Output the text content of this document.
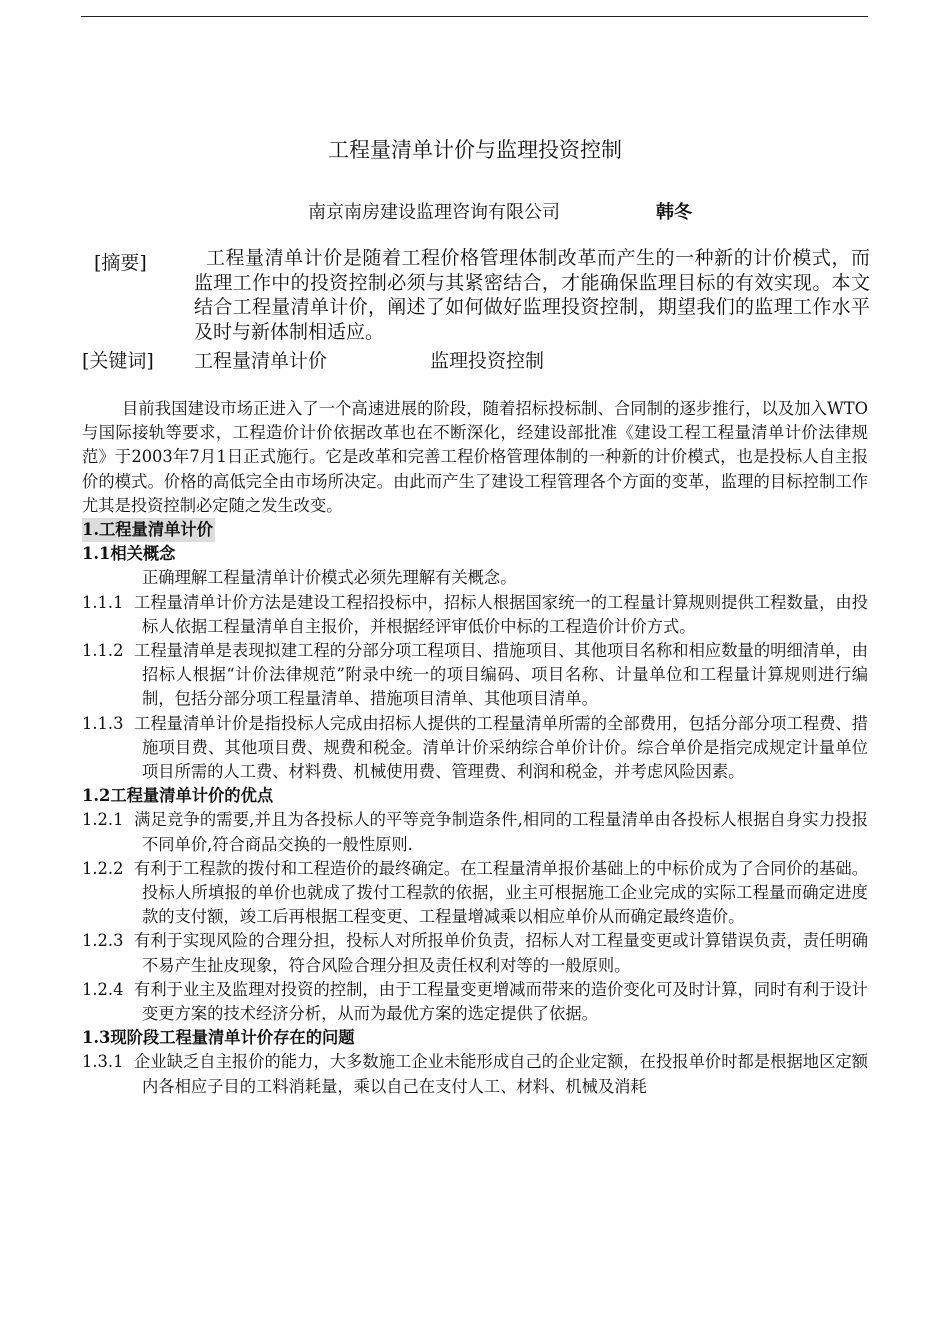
工程量清单计价与监理投资控制
南京南房建设监理咨询有限公司	韩冬
[摘要]	工程量清单计价是随着工程价格管理体制改革而产生的一种新的计价模式，而监理工作中的投资控制必须与其紧密结合，才能确保监理目标的有效实现。本文结合工程量清单计价，阐述了如何做好监理投资控制，期望我们的监理工作水平及时与新体制相适应。
[关键词] 工程量清单计价	监理投资控制

目前我国建设市场正进入了一个高速进展的阶段，随着招标投标制、合同制的逐步推行，以及加入WTO与国际接轨等要求，工程造价计价依据改革也在不断深化，经建设部批准《建设工程工程量清单计价法律规范》于2003年7月1日正式施行。它是改革和完善工程价格管理体制的一种新的计价模式，也是投标人自主报价的模式。价格的高低完全由市场所决定。由此而产生了建设工程管理各个方面的变革，监理的目标控制工作尤其是投资控制必定随之发生改变。

1.工程量清单计价

1.1相关概念

正确理解工程量清单计价模式必须先理解有关概念。

1.1.1 工程量清单计价方法是建设工程招投标中，招标人根据国家统一的工程量计算规则提供工程数量，由投标人依据工程量清单自主报价，并根据经评审低价中标的工程造价计价方式。

1.1.2 工程量清单是表现拟建工程的分部分项工程项目、措施项目、其他项目名称和相应数量的明细清单，由招标人根据“计价法律规范”附录中统一的项目编码、项目名称、计量单位和工程量计算规则进行编制，包括分部分项工程量清单、措施项目清单、其他项目清单。

1.1.3 工程量清单计价是指投标人完成由招标人提供的工程量清单所需的全部费用，包括分部分项工程费、措施项目费、其他项目费、规费和税金。清单计价采纳综合单价计价。综合单价是指完成规定计量单位项目所需的人工费、材料费、机械使用费、管理费、利润和税金，并考虑风险因素。

1.2工程量清单计价的优点

1.2.1 满足竞争的需要,并且为各投标人的平等竞争制造条件,相同的工程量清单由各投标人根据自身实力投报不同单价,符合商品交换的一般性原则.

1.2.2 有利于工程款的拨付和工程造价的最终确定。在工程量清单报价基础上的中标价成为了合同价的基础。投标人所填报的单价也就成了拨付工程款的依据，业主可根据施工企业完成的实际工程量而确定进度款的支付额，竣工后再根据工程变更、工程量增减乘以相应单价从而确定最终造价。

1.2.3 有利于实现风险的合理分担，投标人对所报单价负责，招标人对工程量变更或计算错误负责，责任明确不易产生扯皮现象，符合风险合理分担及责任权利对等的一般原则。

1.2.4 有利于业主及监理对投资的控制，由于工程量变更增减而带来的造价变化可及时计算，同时有利于设计变更方案的技术经济分析，从而为最优方案的选定提供了依据。

1.3现阶段工程量清单计价存在的问题

1.3.1 企业缺乏自主报价的能力，大多数施工企业未能形成自己的企业定额，在投报单价时都是根据地区定额内各相应子目的工料消耗量，乘以自己在支付人工、材料、机械及消耗
